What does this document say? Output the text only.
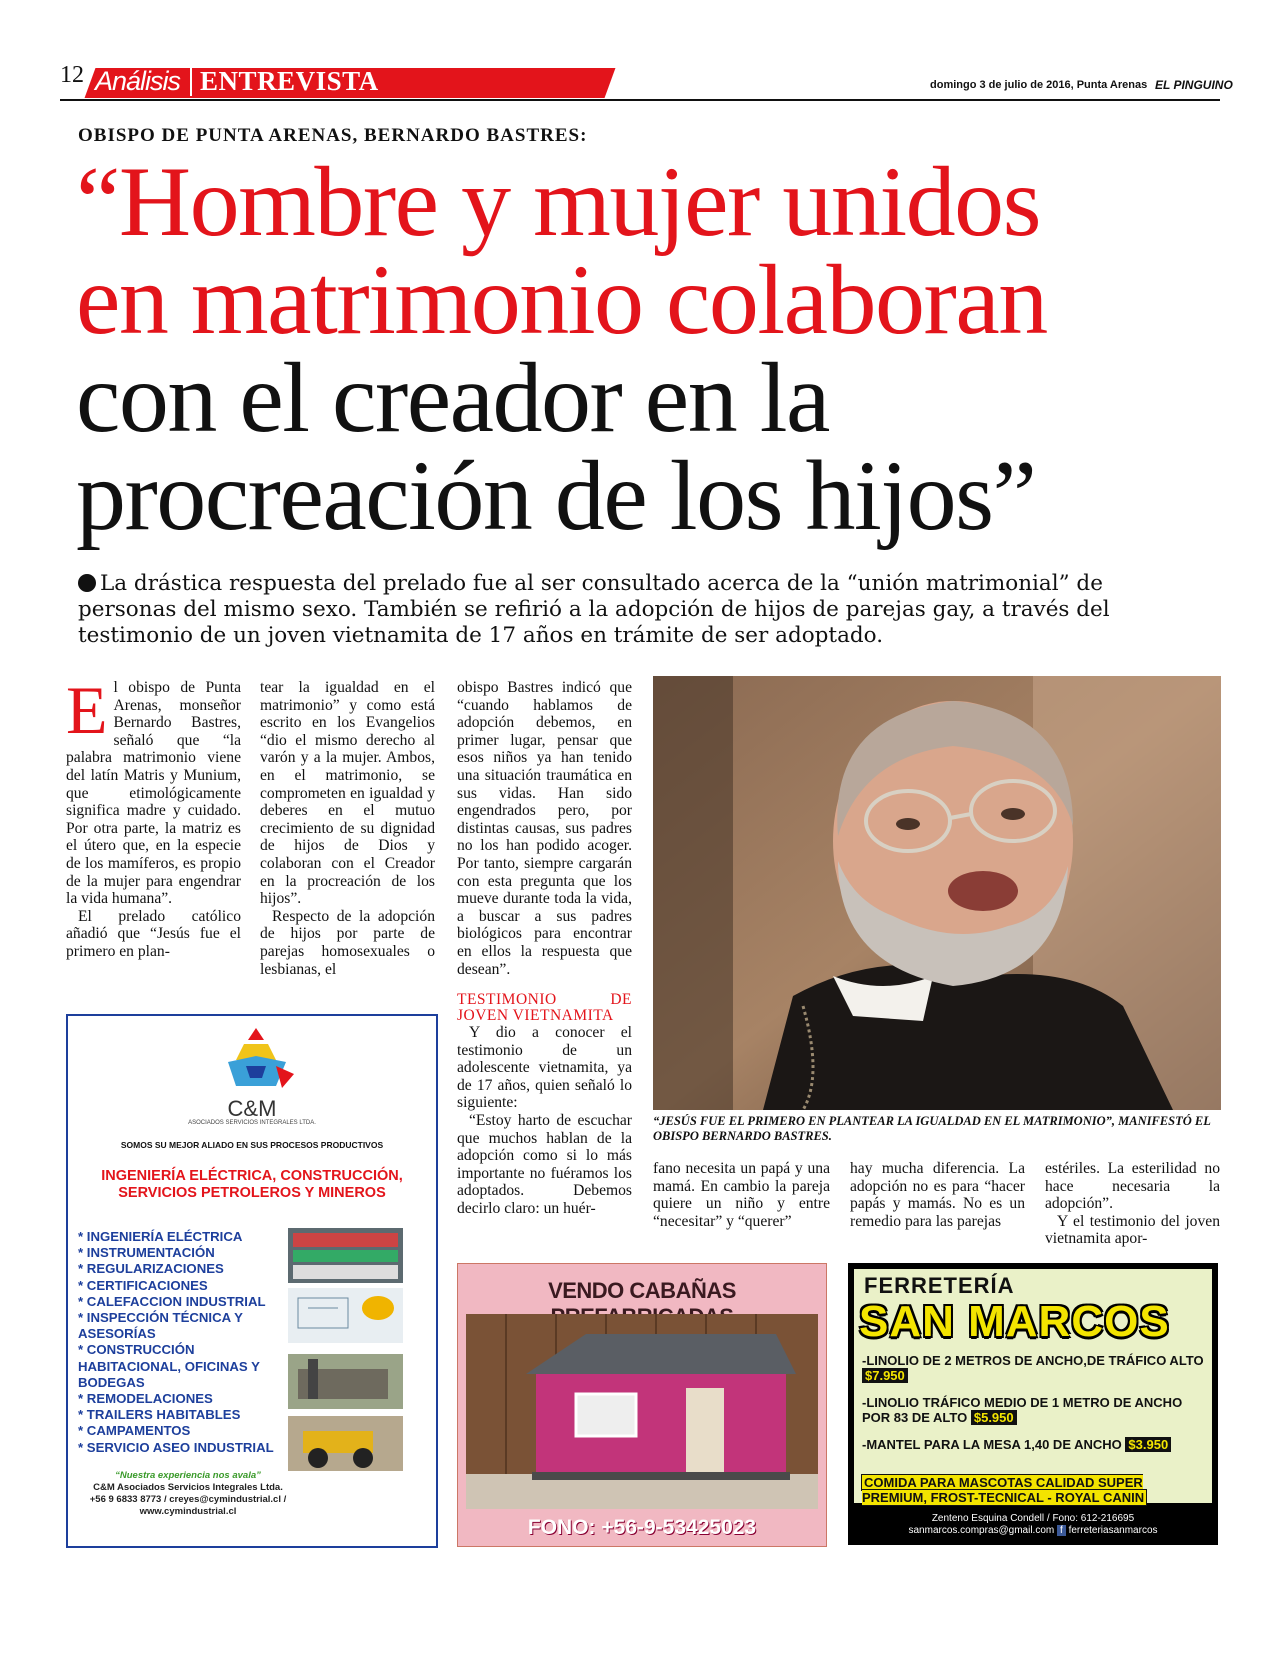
12 Análisis ENTREVISTA	domingo 3 de julio de 2016, Punta Arenas EL PINGUINO
OBISPO DE PUNTA ARENAS, BERNARDO BASTRES:
“Hombre y mujer unidos
en matrimonio colaboran
con el creador en la
procreación de los hijos”
La drástica respuesta del prelado fue al ser consultado acerca de la “unión matrimonial” de personas del mismo sexo. También se refirió a la adopción de hijos de parejas gay, a través del testimonio de un joven vietnamita de 17 años en trámite de ser adoptado.

El obispo de Punta Arenas, monseñor Bernardo Bastres, señaló que “la palabra matrimonio viene del latín Matris y Munium, que etimológicamente significa madre y cuidado. Por otra parte, la matriz es el útero que, en la especie de los mamíferos, es propio de la mujer para engendrar la vida humana”.

El prelado católico añadió que “Jesús fue el primero en plan-

tear la igualdad en el matrimonio” y como está escrito en los Evangelios “dio el mismo derecho al varón y a la mujer. Ambos, en el matrimonio, se comprometen en igualdad y deberes en el mutuo crecimiento de su dignidad de hijos de Dios y colaboran con el Creador en la procreación de los hijos”.

Respecto de la adopción de hijos por parte de parejas homosexuales o lesbianas, el

obispo Bastres indicó que “cuando hablamos de adopción debemos, en primer lugar, pensar que esos niños ya han tenido una situación traumática en sus vidas. Han sido engendrados pero, por distintas causas, sus padres no los han podido acoger. Por tanto, siempre cargarán con esta pregunta que los mueve durante toda la vida, a buscar a sus padres biológicos para encontrar en ellos la respuesta que desean”.

TESTIMONIO DE JOVEN VIETNAMITA

Y dio a conocer el testimonio de un adolescente vietnamita, ya de 17 años, quien señaló lo siguiente:

“Estoy harto de escuchar que muchos hablan de la adopción como si lo más importante no fuéramos los adoptados. Debemos decirlo claro: un huér-

fano necesita un papá y una mamá. En cambio la pareja quiere un niño y entre “necesitar” y “querer”

hay mucha diferencia. La adopción no es para “hacer papás y mamás. No es un remedio para las parejas

estériles. La esterilidad no hace necesaria la adopción”.

Y el testimonio del joven vietnamita apor-

“JESÚS FUE EL PRIMERO EN PLANTEAR LA IGUALDAD EN EL MATRIMONIO”, MANIFESTÓ EL OBISPO BERNARDO BASTRES.
C&M
ASOCIADOS SERVICIOS INTEGRALES LTDA.
SOMOS SU MEJOR ALIADO EN SUS PROCESOS PRODUCTIVOS
INGENIERÍA ELÉCTRICA, CONSTRUCCIÓN, SERVICIOS PETROLEROS Y MINEROS
* INGENIERÍA ELÉCTRICA
* INSTRUMENTACIÓN
* REGULARIZACIONES
* CERTIFICACIONES
* CALEFACCION INDUSTRIAL
* INSPECCIÓN TÉCNICA Y ASESORÍAS
* CONSTRUCCIÓN HABITACIONAL, OFICINAS Y BODEGAS
* REMODELACIONES
* TRAILERS HABITABLES
* CAMPAMENTOS
* SERVICIO ASEO INDUSTRIAL
“Nuestra experiencia nos avala”
C&M Asociados Servicios Integrales Ltda.
+56 9 6833 8773 / creyes@cymindustrial.cl /
www.cymindustrial.cl
VENDO CABAÑAS
FONO: +56-9-53425023
FERRETERÍA
SAN MARCOS
-LINOLIO DE 2 METROS DE ANCHO,DE TRÁFICO ALTO $7.950
-LINOLIO TRÁFICO MEDIO DE 1 METRO DE ANCHO POR 83 DE ALTO $5.950
-MANTEL PARA LA MESA 1,40 DE ANCHO $3.950
COMIDA PARA MASCOTAS CALIDAD SUPER PREMIUM, FROST-TECNICAL - ROYAL CANIN
Zenteno Esquina Condell / Fono: 612-216695
sanmarcos.compras@gmail.com f ferreteriasanmarcos
